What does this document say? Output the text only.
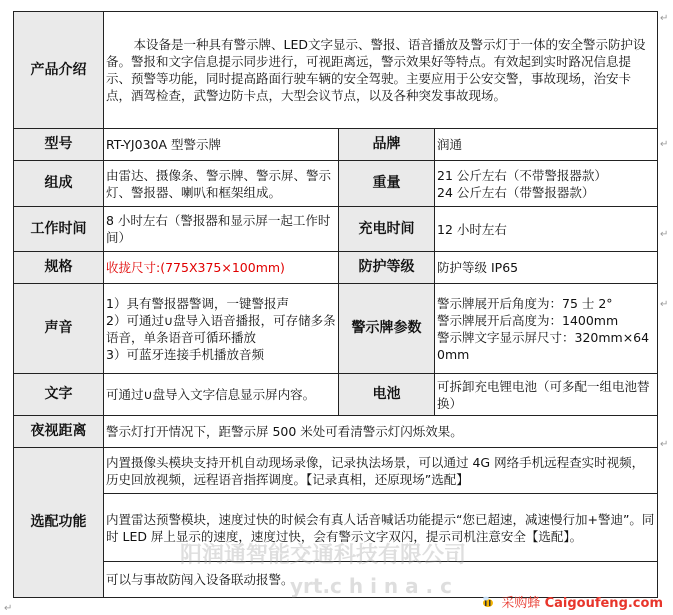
产品介绍	本设备是一种具有警示牌、LED文字显示、警报、语音播放及警示灯于一体的安全警示防护设备。警报和文字信息提示同步进行，可视距离远，警示效果好等特点。有效起到实时路况信息提示、预警等功能，同时提高路面行驶车辆的安全驾驶。主要应用于公安交警，事故现场，治安卡点，酒驾检查，武警边防卡点，大型会议节点，以及各种突发事故现场。		
型号	RT-YJ030A 型警示牌	品牌	润通
组成	由雷达、摄像条、警示牌、警示屏、警示灯、警报器、喇叭和框架组成。	重量	21 公斤左右（不带警报器款）
24 公斤左右（带警报器款）

工作时间	8 小时左右（警报器和显示屏一起工作时间）	充电时间	12 小时左右
规格	收拢尺寸:(775X375×100mm)	防护等级	防护等级 IP65
声音	1）具有警报器警调，一键警报声
2）可通过∪盘导入语音播报，可存储多条语音，单条语音可循环播放
3）可蓝牙连接手机播放音频	警示牌参数	警示牌展开后角度为：75 士 2°
警示牌展开后高度为：1400mm
警示牌文字显示屏尺寸：320mm×640mm

文字	可通过∪盘导入文字信息显示屏内容。	电池	可拆卸充电锂电池（可多配一组电池替换）
夜视距离	警示灯打开情况下，距警示屏 500 米处可看清警示灯闪烁效果。		
选配功能	内置摄像头模块支持开机自动现场录像，记录执法场景，可以通过 4G 网络手机远程查实时视频，历史回放视频，远程语音指挥调度。【记录真相，还原现场”选配】		
	内置雷达预警模块，速度过快的时候会有真人话音喊话功能提示“您已超速，减速慢行加+警迪”。同时 LED 屏上显示的速度，速度过快，会有警示文字双闪，提示司机注意安全【选配】。		
	可以与事故防闯入设备联动报警。		
↵
↵
↵
↵
↵
↵
阳润通智能交通科技有限公司
yrt.c h i n a . c
采购蜂 Caigoufeng.com
